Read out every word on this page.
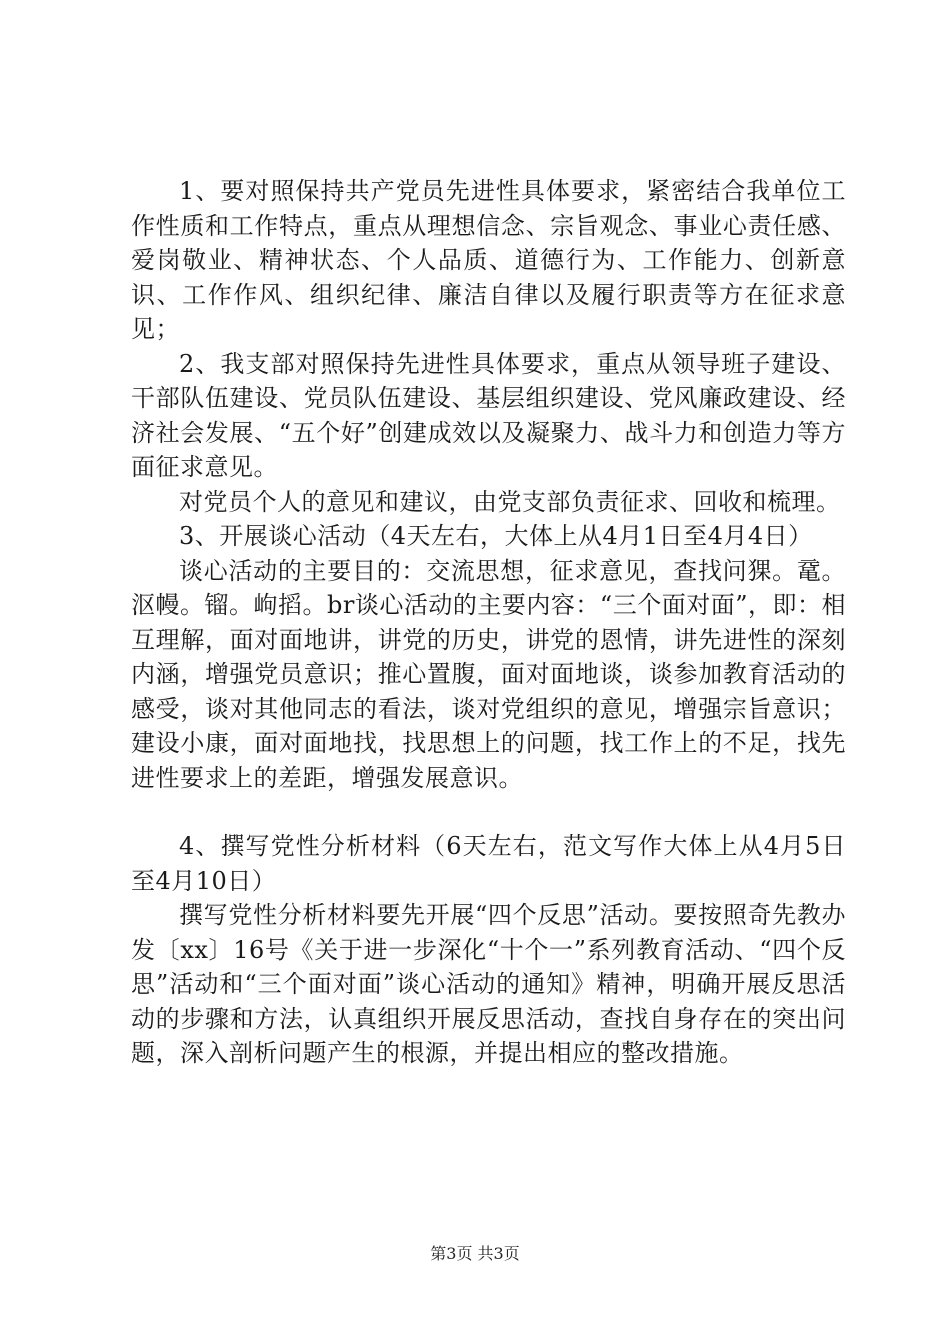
1、要对照保持共产党员先进性具体要求，紧密结合我单位工作性质和工作特点，重点从理想信念、宗旨观念、事业心责任感、爱岗敬业、精神状态、个人品质、道德行为、工作能力、创新意识、工作作风、组织纪律、廉洁自律以及履行职责等方在征求意见；

2、我支部对照保持先进性具体要求，重点从领导班子建设、干部队伍建设、党员队伍建设、基层组织建设、党风廉政建设、经济社会发展、“五个好”创建成效以及凝聚力、战斗力和创造力等方面征求意见。

对党员个人的意见和建议，由党支部负责征求、回收和梳理。

3、开展谈心活动（4天左右，大体上从4月1日至4月4日）

谈心活动的主要目的：交流思想，征求意见，查找问猓。鼋。沤幔。镏。岣搯。br谈心活动的主要内容：“三个面对面”，即：相互理解，面对面地讲，讲党的历史，讲党的恩情，讲先进性的深刻内涵，增强党员意识；推心置腹，面对面地谈，谈参加教育活动的感受，谈对其他同志的看法，谈对党组织的意见，增强宗旨意识；建设小康，面对面地找，找思想上的问题，找工作上的不足，找先进性要求上的差距，增强发展意识。

4、撰写党性分析材料（6天左右，范文写作大体上从4月5日至4月10日）

撰写党性分析材料要先开展“四个反思”活动。要按照奇先教办发〔xx〕16号《关于进一步深化“十个一”系列教育活动、“四个反思”活动和“三个面对面”谈心活动的通知》精神，明确开展反思活动的步骤和方法，认真组织开展反思活动，查找自身存在的突出问题，深入剖析问题产生的根源，并提出相应的整改措施。

第3页 共3页
